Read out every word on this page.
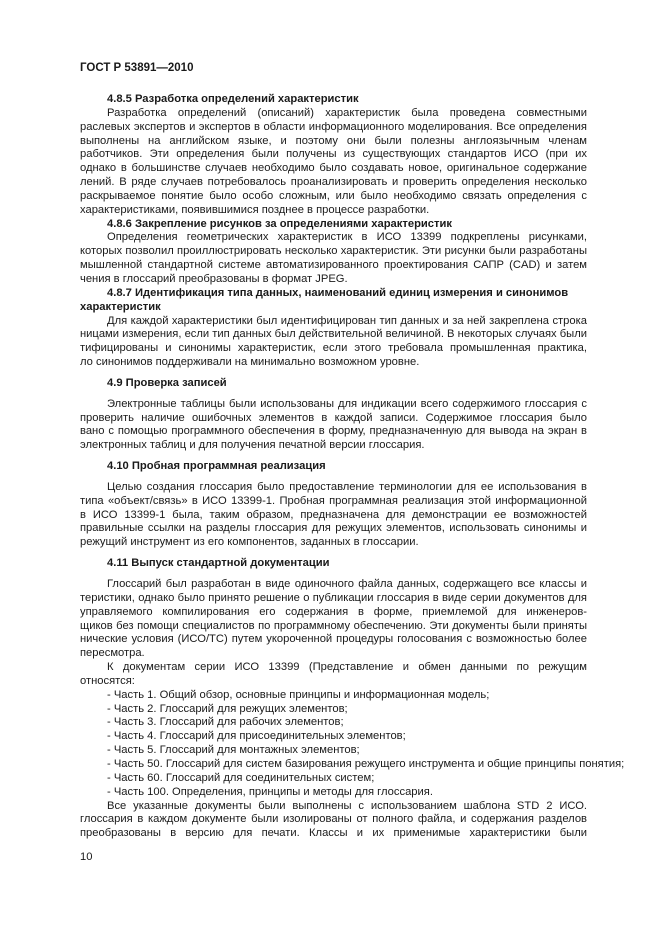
ГОСТ Р 53891—2010
4.8.5 Разработка определений характеристик
Разработка определений (описаний) характеристик была проведена совместными
раслевых экспертов и экспертов в области информационного моделирования. Все определения
выполнены на английском языке, и поэтому они были полезны англоязычным членам
работчиков. Эти определения были получены из существующих стандартов ИСО (при их
однако в большинстве случаев необходимо было создавать новое, оригинальное содержание
лений. В ряде случаев потребовалось проанализировать и проверить определения несколько
раскрываемое понятие было особо сложным, или было необходимо связать определения с
характеристиками, появившимися позднее в процессе разработки.
4.8.6 Закрепление рисунков за определениями характеристик
Определения геометрических характеристик в ИСО 13399 подкреплены рисунками,
которых позволил проиллюстрировать несколько характеристик. Эти рисунки были разработаны
мышленной стандартной системе автоматизированного проектирования САПР (CAD) и затем
чения в глоссарий преобразованы в формат JPEG.
4.8.7 Идентификация типа данных, наименований единиц измерения и синонимов
характеристик
Для каждой характеристики был идентифицирован тип данных и за ней закреплена строка
ницами измерения, если тип данных был действительной величиной. В некоторых случаях были
тифицированы и синонимы характеристик, если этого требовала промышленная практика,
ло синонимов поддерживали на минимально возможном уровне.
4.9 Проверка записей
Электронные таблицы были использованы для индикации всего содержимого глоссария с
проверить наличие ошибочных элементов в каждой записи. Содержимое глоссария было
вано с помощью программного обеспечения в форму, предназначенную для вывода на экран в
электронных таблиц и для получения печатной версии глоссария.
4.10 Пробная программная реализация
Целью создания глоссария было предоставление терминологии для ее использования в
типа «объект/связь» в ИСО 13399-1. Пробная программная реализация этой информационной
в ИСО 13399-1 была, таким образом, предназначена для демонстрации ее возможностей
правильные ссылки на разделы глоссария для режущих элементов, использовать синонимы и
режущий инструмент из его компонентов, заданных в глоссарии.
4.11 Выпуск стандартной документации
Глоссарий был разработан в виде одиночного файла данных, содержащего все классы и
теристики, однако было принято решение о публикации глоссария в виде серии документов для
управляемого компилирования его содержания в форме, приемлемой для инженеров-
щиков без помощи специалистов по программному обеспечению. Эти документы были приняты
нические условия (ИСО/ТС) путем укороченной процедуры голосования с возможностью более
пересмотра.
К документам серии ИСО 13399 (Представление и обмен данными по режущим
относятся:
- Часть 1. Общий обзор, основные принципы и информационная модель;
- Часть 2. Глоссарий для режущих элементов;
- Часть 3. Глоссарий для рабочих элементов;
- Часть 4. Глоссарий для присоединительных элементов;
- Часть 5. Глоссарий для монтажных элементов;
- Часть 50. Глоссарий для систем базирования режущего инструмента и общие принципы понятия;
- Часть 60. Глоссарий для соединительных систем;
- Часть 100. Определения, принципы и методы для глоссария.
Все указанные документы были выполнены с использованием шаблона STD 2 ИСО.
глоссария в каждом документе были изолированы от полного файла, и содержания разделов
преобразованы в версию для печати. Классы и их применимые характеристики были
10
